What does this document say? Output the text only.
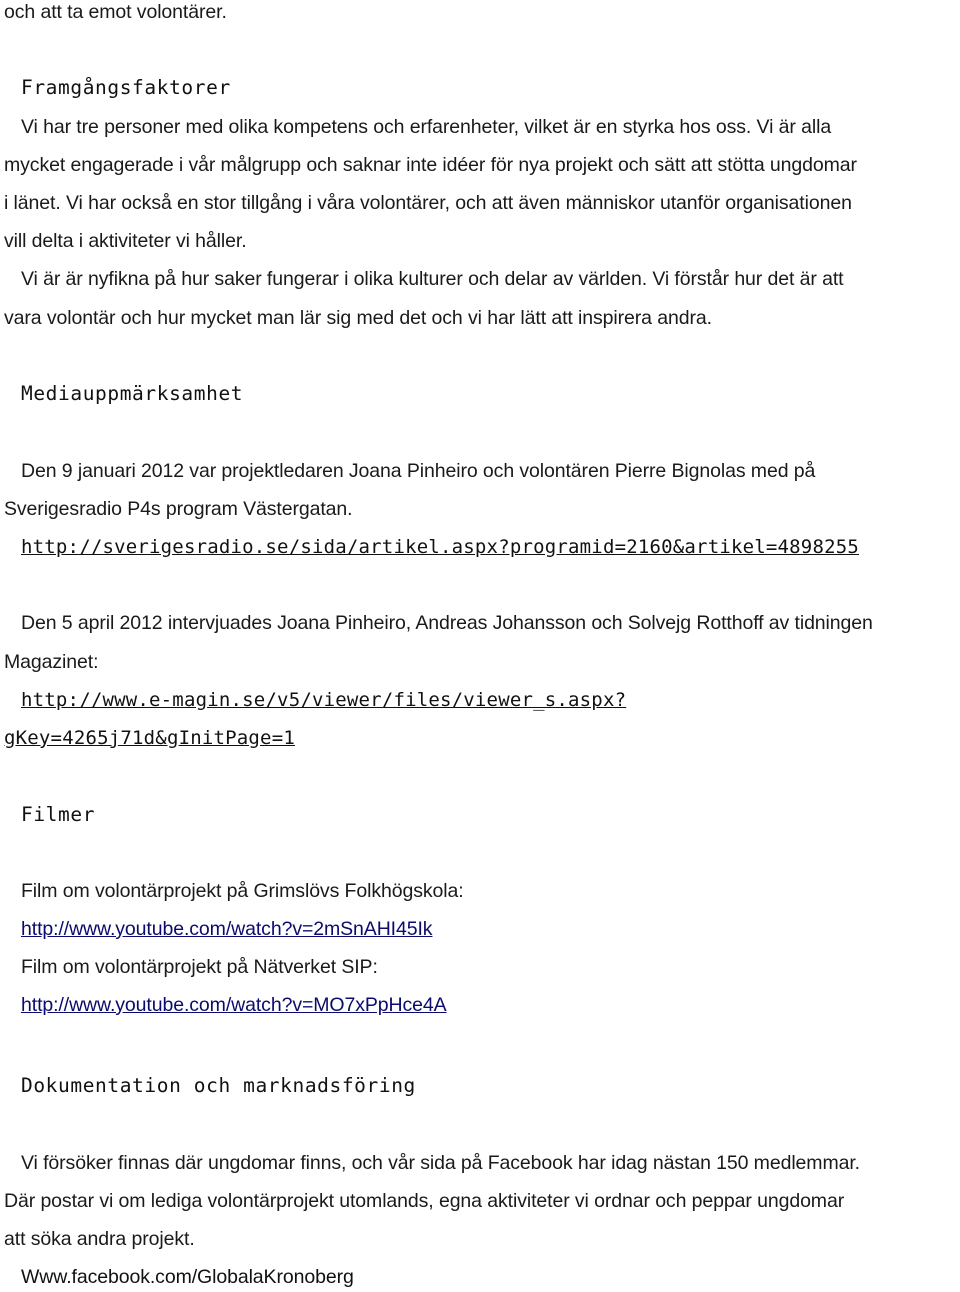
och att ta emot volontärer.
Framgångsfaktorer
Vi har tre personer med olika kompetens och erfarenheter, vilket är en styrka hos oss. Vi är alla
mycket engagerade i vår målgrupp och saknar inte idéer för nya projekt och sätt att stötta ungdomar
i länet. Vi har också en stor tillgång i våra volontärer, och att även människor utanför organisationen
vill delta i aktiviteter vi håller.
Vi är är nyfikna på hur saker fungerar i olika kulturer och delar av världen. Vi förstår hur det är att
vara volontär och hur mycket man lär sig med det och vi har lätt att inspirera andra.
Mediauppmärksamhet
Den 9 januari 2012 var projektledaren Joana Pinheiro och volontären Pierre Bignolas med på
Sverigesradio P4s program Västergatan.
http://sverigesradio.se/sida/artikel.aspx?programid=2160&artikel=4898255
Den 5 april 2012 intervjuades Joana Pinheiro, Andreas Johansson och Solvejg Rotthoff av tidningen
Magazinet:
http://www.e-magin.se/v5/viewer/files/viewer_s.aspx?
gKey=4265j71d&gInitPage=1
Filmer
Film om volontärprojekt på Grimslövs Folkhögskola:
http://www.youtube.com/watch?v=2mSnAHI45Ik
Film om volontärprojekt på Nätverket SIP:
http://www.youtube.com/watch?v=MO7xPpHce4A
Dokumentation och marknadsföring
Vi försöker finnas där ungdomar finns, och vår sida på Facebook har idag nästan 150 medlemmar.
Där postar vi om lediga volontärprojekt utomlands, egna aktiviteter vi ordnar och peppar ungdomar
att söka andra projekt.
Www.facebook.com/GlobalaKronoberg
